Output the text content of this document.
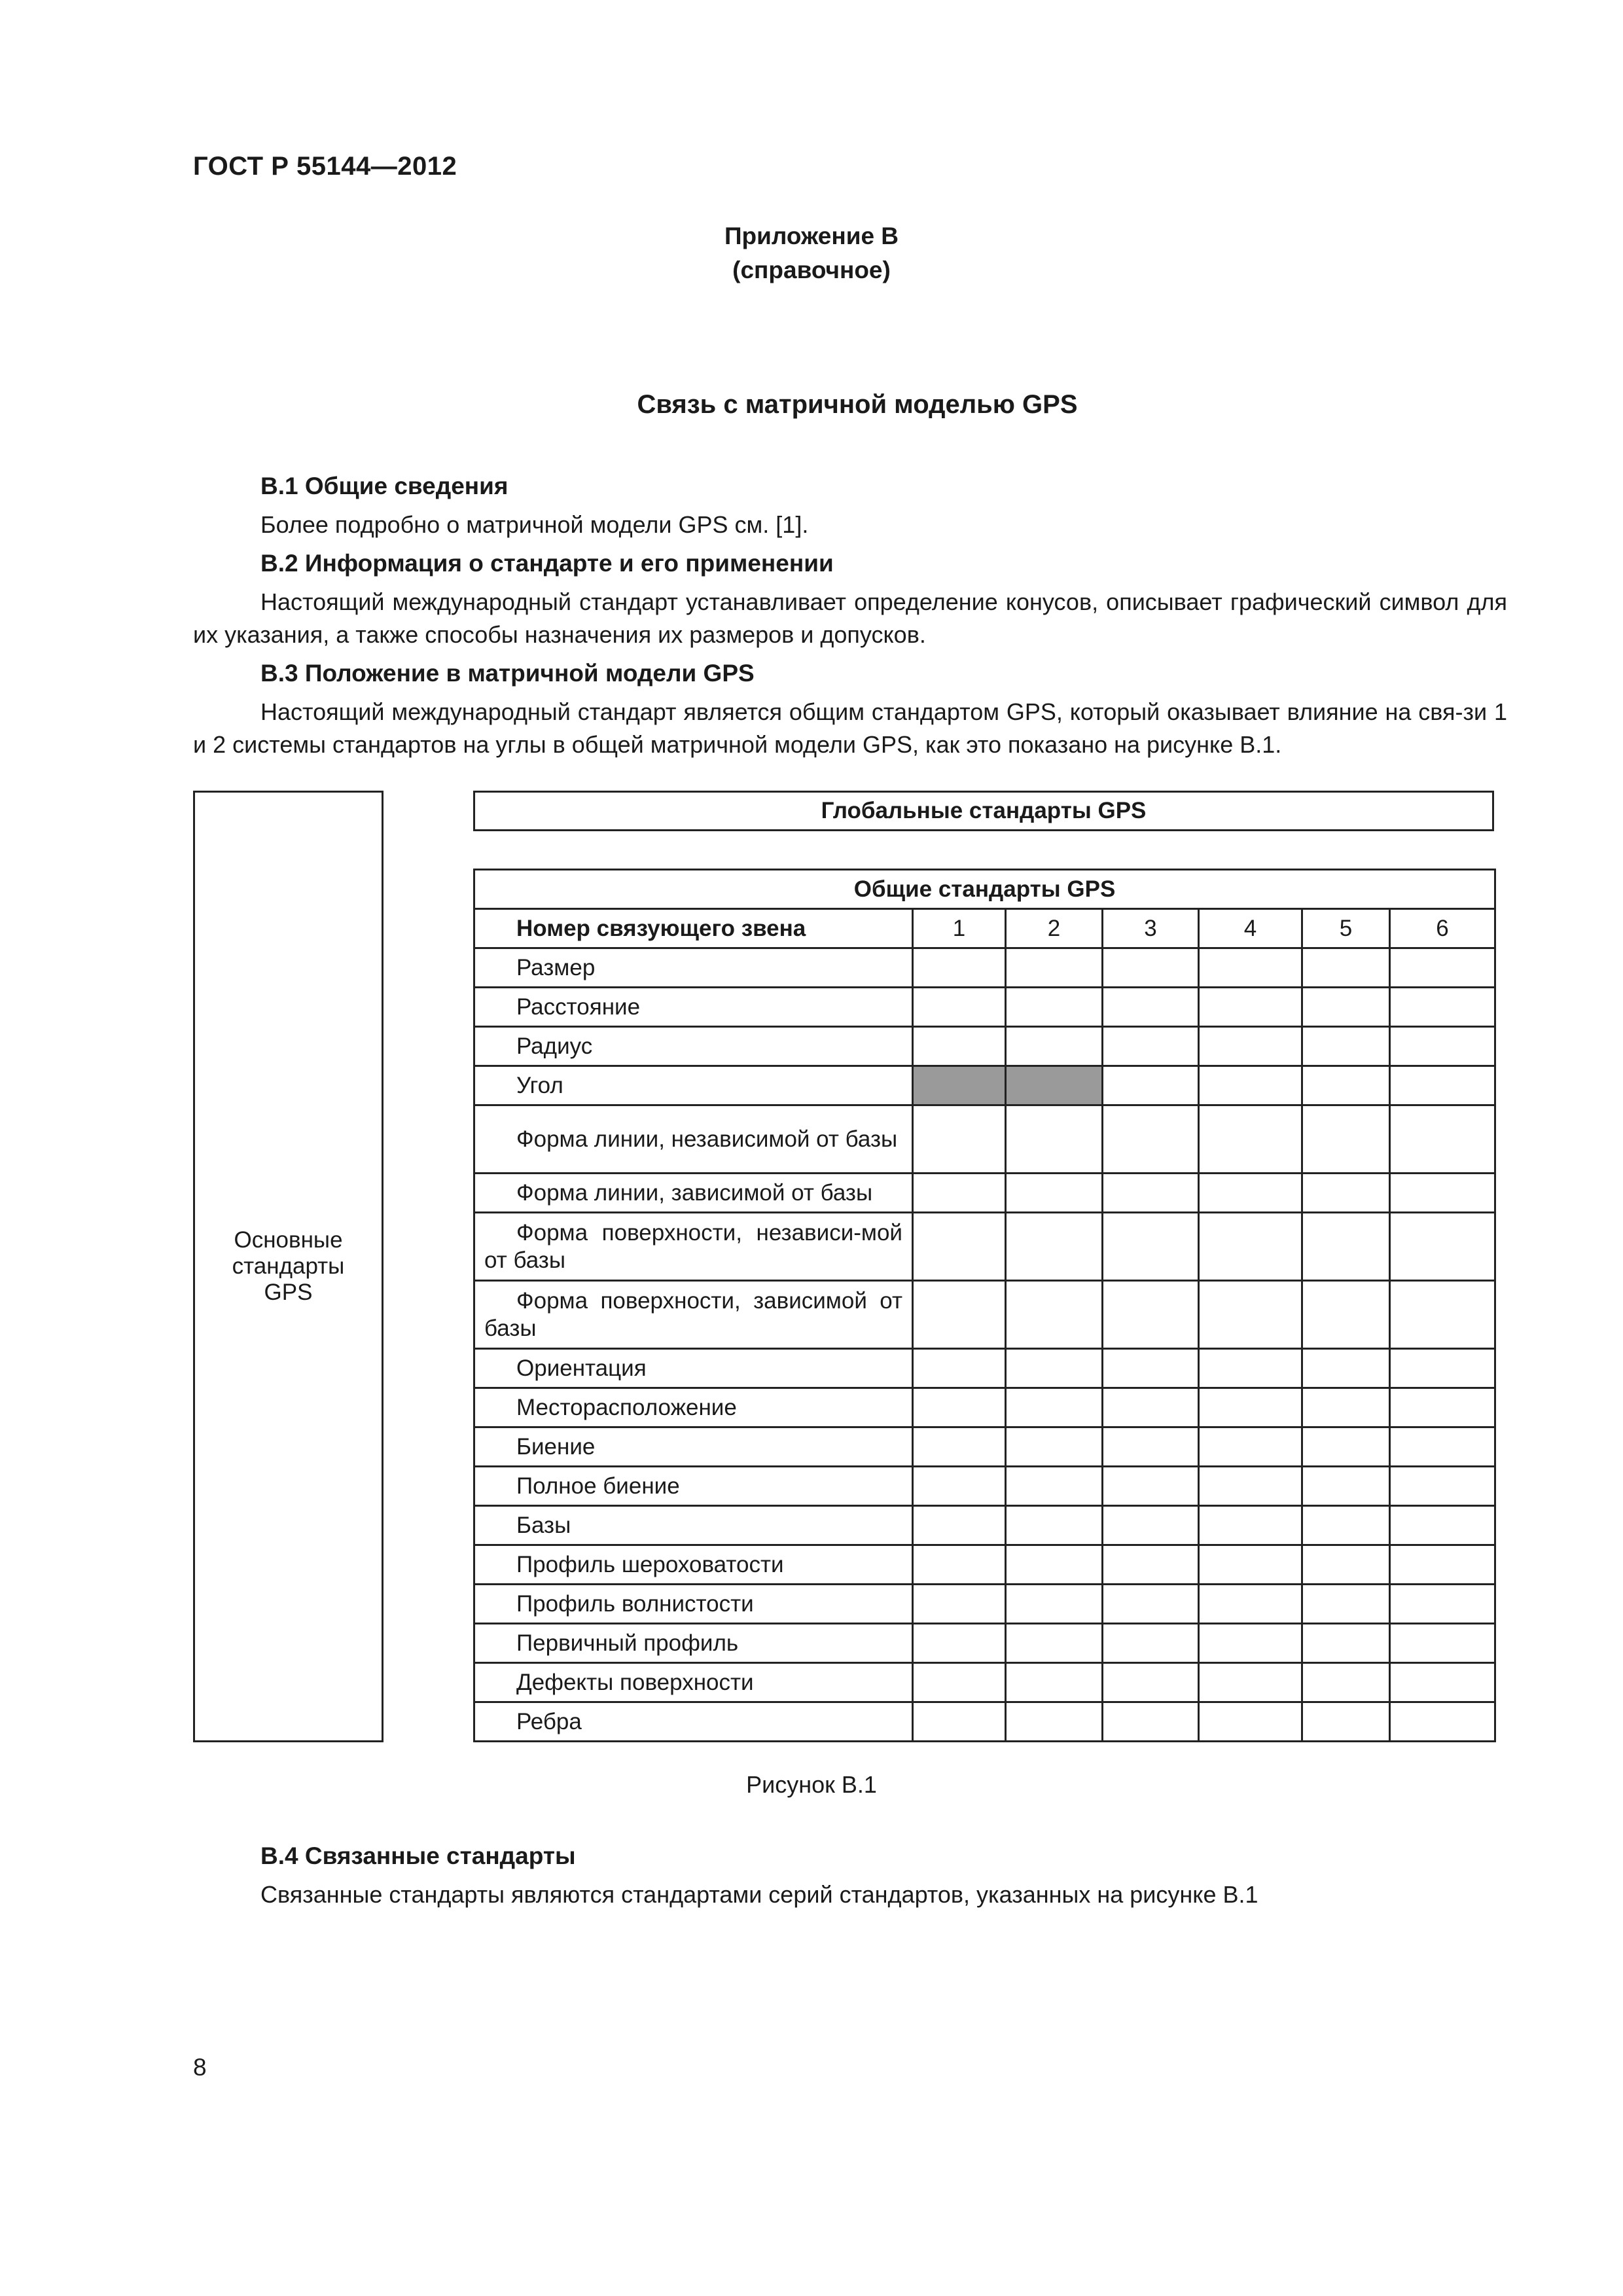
ГОСТ Р 55144—2012
Приложение В
(справочное)
Связь с матричной моделью GPS
В.1 Общие сведения
Более подробно о матричной модели GPS см. [1].
В.2 Информация о стандарте и его применении
Настоящий международный стандарт устанавливает определение конусов, описывает графический символ для их указания, а также способы назначения их размеров и допусков.
В.3 Положение в матричной модели GPS
Настоящий международный стандарт является общим стандартом GPS, который оказывает влияние на свя-зи 1 и 2 системы стандартов на углы в общей матричной модели GPS, как это показано на рисунке В.1.
Основные стандарты GPS
Глобальные стандарты GPS
Общие стандарты GPS						
Номер связующего звена	1	2	3	4	5	6
Размер						
Расстояние						
Радиус						
Угол						
Форма линии, независимой от базы						
Форма линии, зависимой от базы						
Форма поверхности, независи-мой от базы						
Форма поверхности, зависимой от базы						
Ориентация						
Месторасположение						
Биение						
Полное биение						
Базы						
Профиль шероховатости						
Профиль волнистости						
Первичный профиль						
Дефекты поверхности						
Ребра						
Рисунок В.1
В.4 Связанные стандарты
Связанные стандарты являются стандартами серий стандартов, указанных на рисунке В.1
8
